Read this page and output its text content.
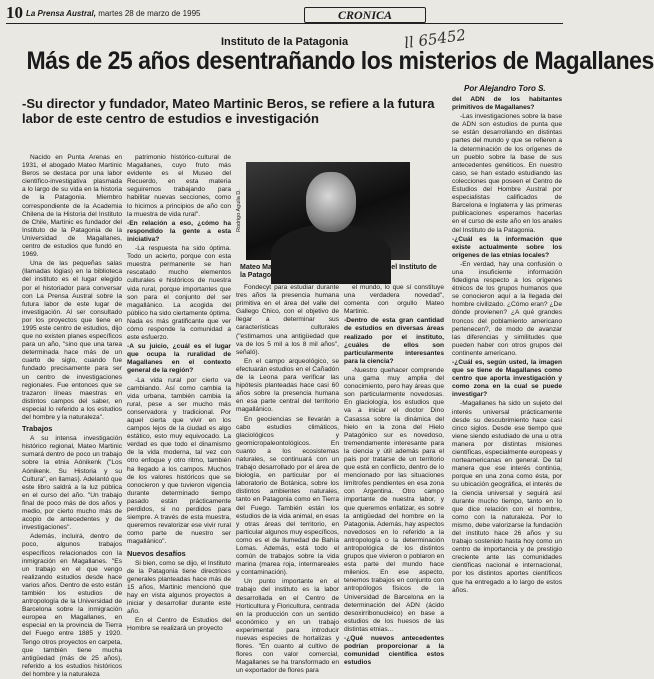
10 La Prensa Austral, martes 28 de marzo de 1995	CRONICA
ll 65452
Instituto de la Patagonia
Más de 25 años desentrañando los misterios de Magallanes
Por Alejandro Toro S.
-Su director y fundador, Mateo Martinic Beros, se refiere a la futura labor de este centro de estudios e investigación

Nacido en Punta Arenas en 1931, el abogado Mateo Martinic Beros se destaca por una labor científico-investigativa plasmada a lo largo de su vida en la historia de la Patagonia. Miembro correspondiente de la Academia Chilena de la Historia del Instituto de Chile, Martinic es fundador del Instituto de la Patagonia de la Universidad de Magallanes, centro de estudios que fundó en 1969.

Una de las pequeñas salas (llamadas lógias) en la biblioteca del instituto es el lugar elegido por el historiador para conversar con La Prensa Austral sobre la futura labor de este lugar de investigación. Al ser consultado por los proyectos que tiene en 1995 este centro de estudios, dijo que no existen planes específicos para un año, "sino que una tarea determinada hace más de un cuarto de siglo, cuando fue fundado precisamente para ser un centro de investigaciones regionales. Fue entonces que se trazaron líneas maestras en distintos campos del saber, en especial lo referido a los estudios del hombre y la naturaleza".

Trabajos

A su intensa investigación histórico regional, Mateo Martinic sumará dentro de poco un trabajo sobre la etnia Aónikenk ("Los Aónikenk. Su Historia y su Cultura", en llamas). Adelantó que este libro saldrá a la luz pública en el curso del año. "Un trabajo final de poco más de dos años y medio, por cierto mucho más de acopio de antecedentes y de investigaciones".

Además, incluirá, dentro de poco, algunos trabajos específicos relacionados con la inmigración en Magallanes. "Es un trabajo en el que vengo realizando estudios desde hace varios años. Dentro de esto están también los estudios de antropología de la Universidad de Barcelona sobre la inmigración europea en Magallanes, en especial en la provincia de Tierra del Fuego entre 1885 y 1920. Tengo otros proyectos en carpeta, que también tiene mucha antigüedad (más de 25 años), referido a los estudios históricos del hombre y la naturaleza

patrimonio histórico-cultural de Magallanes, cuyo fruto más evidente es el Museo del Recuerdo, en esta materia seguiremos trabajando para habilitar nuevas secciones, como lo hicimos a principios de año con la muestra de vida rural".

-En relación a eso, ¿cómo ha respondido la gente a esta iniciativa?

-La respuesta ha sido óptima. Todo un acierto, porque con esta muestra permanente se han rescatado mucho elementos culturales e históricos de nuestra vida rural, porque importantes que son para el conjunto del ser magallánico. La acogida del público ha sido ciertamente óptima. Nada es más gratificante que ver cómo responde la comunidad a este esfuerzo.

-A su juicio, ¿cuál es el lugar que ocupa la ruralidad de Magallanes en el contexto general de la región?

-La vida rural por cierto va cambiando. Así como cambia la vida urbana, también cambia la rural, pese a ser mucho más conservadora y tradicional. Por aquel cierta que vivir en los campos lejos de la ciudad es algo estático, esto muy equivocado. La verdad es que todo el dinamismo de la vida moderna, tal vez con otro enfoque y otro ritmo, también ha llegado a los campos. Muchos de los valores históricos que se conocieron y que tuvieron vigencia durante determinado tiempo pasado están prácticamente perdidos, si no perdidos para siempre. A través de esta muestra, queremos revalorizar ese vivir rural como parte de nuestro ser magallánico".

Nuevos desafíos

Si bien, como se dijo, el Instituto de la Patagonia tiene directrices generales planteadas hace más de 15 años, Martinic mencionó que hay en vista algunos proyectos a iniciar y desarrollar durante este año.

En el Centro de Estudios del Hombre se realizará un proyecto

Rodrigo Aguila D.
Mateo Martinic Beros, historiador y director del Instituto de la Patagonia.

Fondecyt para estudiar durante tres años la presencia humana primitiva en el área del valle del Gallego Chico, con el objetivo de llegar a determinar sus características culturales ("estimamos una antigüedad que va de los 5 mil a los 8 mil años", señaló).

En el campo arqueológico, se efectuarán estudios en el Cañadón de la Leona para verificar las hipótesis planteadas hace casi 60 años sobre la presencia humana en esa parte central del territorio magallánico.

En geociencias se llevarán a cabo estudios climáticos, glaciológicos y geomicropaleontológicos. En cuanto a los ecosistemas naturales, se continuará con un trabajo desarrollado por el área de biología, en particular por el laboratorio de Botánica, sobre los distintos ambientes naturales, tanto en Patagonia como en Tierra del Fuego. También están los estudios de la vida animal, en esas y otras áreas del territorio, en particular algunos muy específicos, como es el de llumedad de Bahía Lomas. Además, está todo el común de trabajos sobre la vida marina (marea roja, intermareales y contaminación).

Un punto importante en el trabajo del instituto es la labor desarrollada en el Centro de Horticultura y Floricultura, centrada en la producción con un sentido económico y en un trabajo experimental para introducir nuevas especies de hortalizas y flores. "En cuanto al cultivo de flores con valor comercial, Magallanes se ha transformado en un exportador de flores para

el mundo, lo que sí constituye una verdadera novedad", comenta con orgullo Mateo Martinic.

-Dentro de esta gran cantidad de estudios en diversas áreas realizado por el instituto, ¿cuáles de ellos son particularmente interesantes para la ciencia?

-Nuestro quehacer comprende una gama muy amplia del conocimiento, pero hay áreas que son particularmente novedosas. En glaciología, los estudios que va a iniciar el doctor Dino Casassa sobre la dinámica del hielo en la zona del Hielo Patagónico sur es novedoso, tremendamente interesante para la ciencia y útil además para el país por tratarse de un territorio que está en conflicto, dentro de lo mencionado por las situaciones limítrofes pendientes en esa zona con Argentina. Otro campo importante de nuestra labor, y que queremos enfatizar, es sobre la antigüedad del hombre en la Patagonia. Además, hay aspectos novedosos en lo referido a la antropología o la determinación antropológica de los distintos grupos que vivieron o poblaron en esta parte del mundo hace milenios. En ese aspecto, tenemos trabajos en conjunto con antropólogos físicos de la Universidad de Barcelona en la determinación del ADN (ácido desoxirribonucleico) en base a estudios de los huesos de las distintas etnias...

-¿Qué nuevos antecedentes podrían proporcionar a la comunidad científica estos estudios

del ADN de los habitantes primitivos de Magallanes?

-Las investigaciones sobre la base de ADN son estudios de punta que se están desarrollando en distintas partes del mundo y que se refieren a la determinación de los orígenes de un pueblo sobre la base de sus antecedentes genéticos. En nuestro caso, se han estado estudiando las colecciones que poseen el Centro de Estudios del Hombre Austral por especialistas calificados de Barcelona e Inglaterra y las primeras publicaciones esperamos hacerlas en el curso de este año en los anales del Instituto de la Patagonia.

-¿Cuál es la información que existe actualmente sobre los orígenes de las etnias locales?

-En verdad, hay una confusión o una insuficiente información fidedigna respecto a los orígenes étnicos de los grupos humanos que se conocieron aquí a la llegada del hombre civilizado. ¿Cómo eran? ¿De dónde provienen? ¿A qué grandes troncos del poblamiento americano pertenecen?, de modo de avanzar las diferencias y similitudes que pueden haber con otros grupos del continente americano.

-¿Cuál es, según usted, la imagen que se tiene de Magallanes como centro que aporta investigación y como zona en la cual se puede investigar?

-Magallanes ha sido un sujeto del interés universal prácticamente desde su descubrimiento hace casi cinco siglos. Desde ese tiempo que viene siendo estudiado de una u otra manera por distintas misiones científicas, especialmente europeas y norteamericanas en general. De tal manera que ese interés continúa, porque en una zona como ésta, por su ubicación geográfica, el interés de la ciencia universal y seguirá así durante mucho tiempo, tanto en lo que dice relación con el hombre, como con la naturaleza. Por lo mismo, debe valorizarse la fundación del instituto hace 26 años y su trabajo sostenido hasta hoy como un centro de importancia y de prestigio creciente ante las comunidades científicas nacional e internacional, por los distintos aportes científicos que ha entregado a lo largo de estos años.
